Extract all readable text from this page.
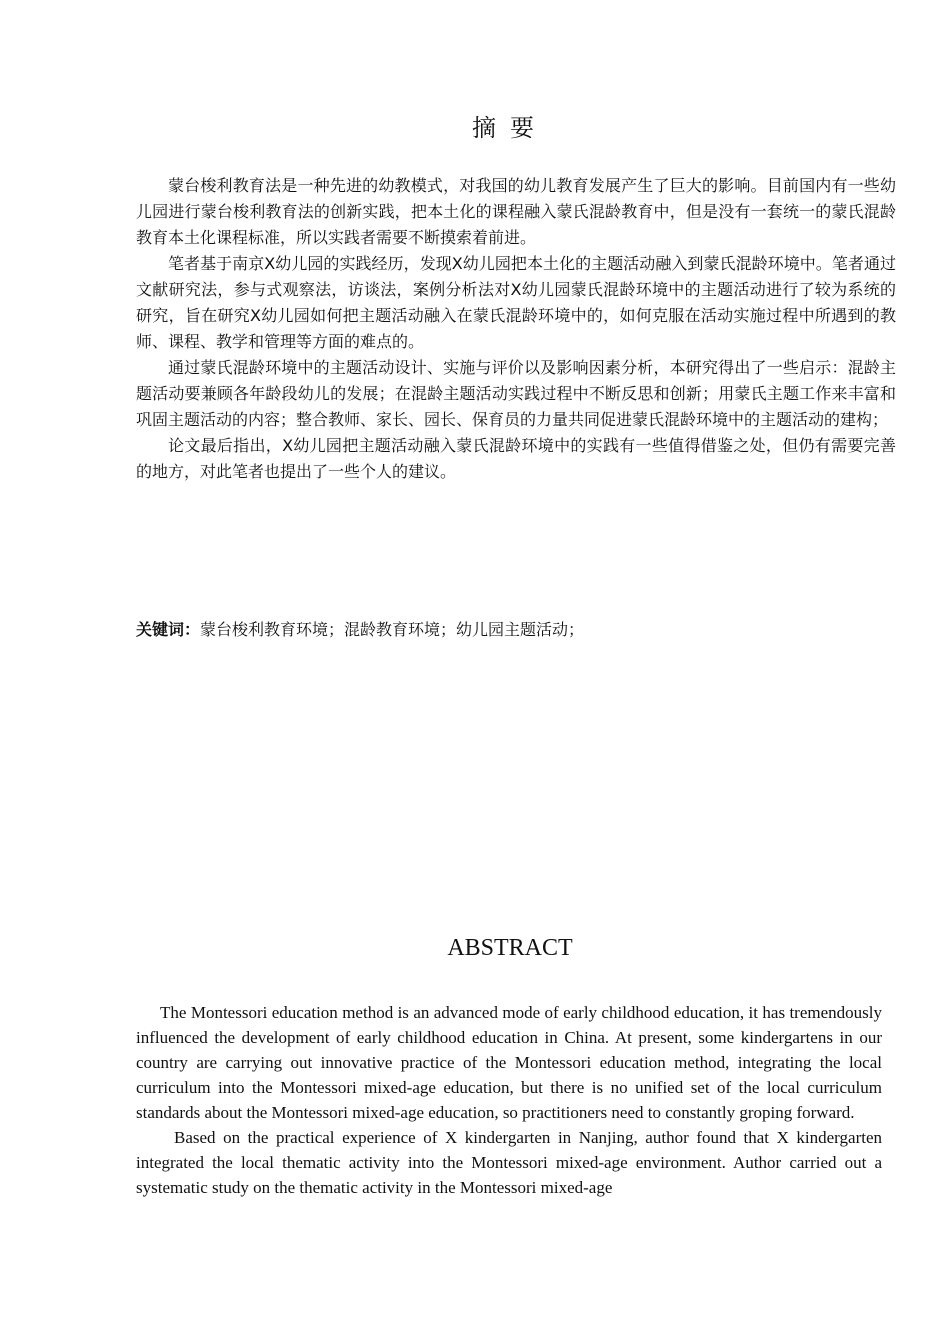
摘要

蒙台梭利教育法是一种先进的幼教模式，对我国的幼儿教育发展产生了巨大的影响。目前国内有一些幼儿园进行蒙台梭利教育法的创新实践，把本土化的课程融入蒙氏混龄教育中，但是没有一套统一的蒙氏混龄教育本土化课程标准，所以实践者需要不断摸索着前进。

笔者基于南京X幼儿园的实践经历，发现X幼儿园把本土化的主题活动融入到蒙氏混龄环境中。笔者通过文献研究法，参与式观察法，访谈法，案例分析法对X幼儿园蒙氏混龄环境中的主题活动进行了较为系统的研究，旨在研究X幼儿园如何把主题活动融入在蒙氏混龄环境中的，如何克服在活动实施过程中所遇到的教师、课程、教学和管理等方面的难点的。

通过蒙氏混龄环境中的主题活动设计、实施与评价以及影响因素分析，本研究得出了一些启示：混龄主题活动要兼顾各年龄段幼儿的发展；在混龄主题活动实践过程中不断反思和创新；用蒙氏主题工作来丰富和巩固主题活动的内容；整合教师、家长、园长、保育员的力量共同促进蒙氏混龄环境中的主题活动的建构；

论文最后指出，X幼儿园把主题活动融入蒙氏混龄环境中的实践有一些值得借鉴之处，但仍有需要完善的地方，对此笔者也提出了一些个人的建议。

关键词：蒙台梭利教育环境；混龄教育环境；幼儿园主题活动；
ABSTRACT

The Montessori education method is an advanced mode of early childhood education, it has tremendously influenced the development of early childhood education in China. At present, some kindergartens in our country are carrying out innovative practice of the Montessori education method, integrating the local curriculum into the Montessori mixed-age education, but there is no unified set of the local curriculum standards about the Montessori mixed-age education, so practitioners need to constantly groping forward.

Based on the practical experience of X kindergarten in Nanjing, author found that X kindergarten integrated the local thematic activity into the Montessori mixed-age environment. Author carried out a systematic study on the thematic activity in the Montessori mixed-age
